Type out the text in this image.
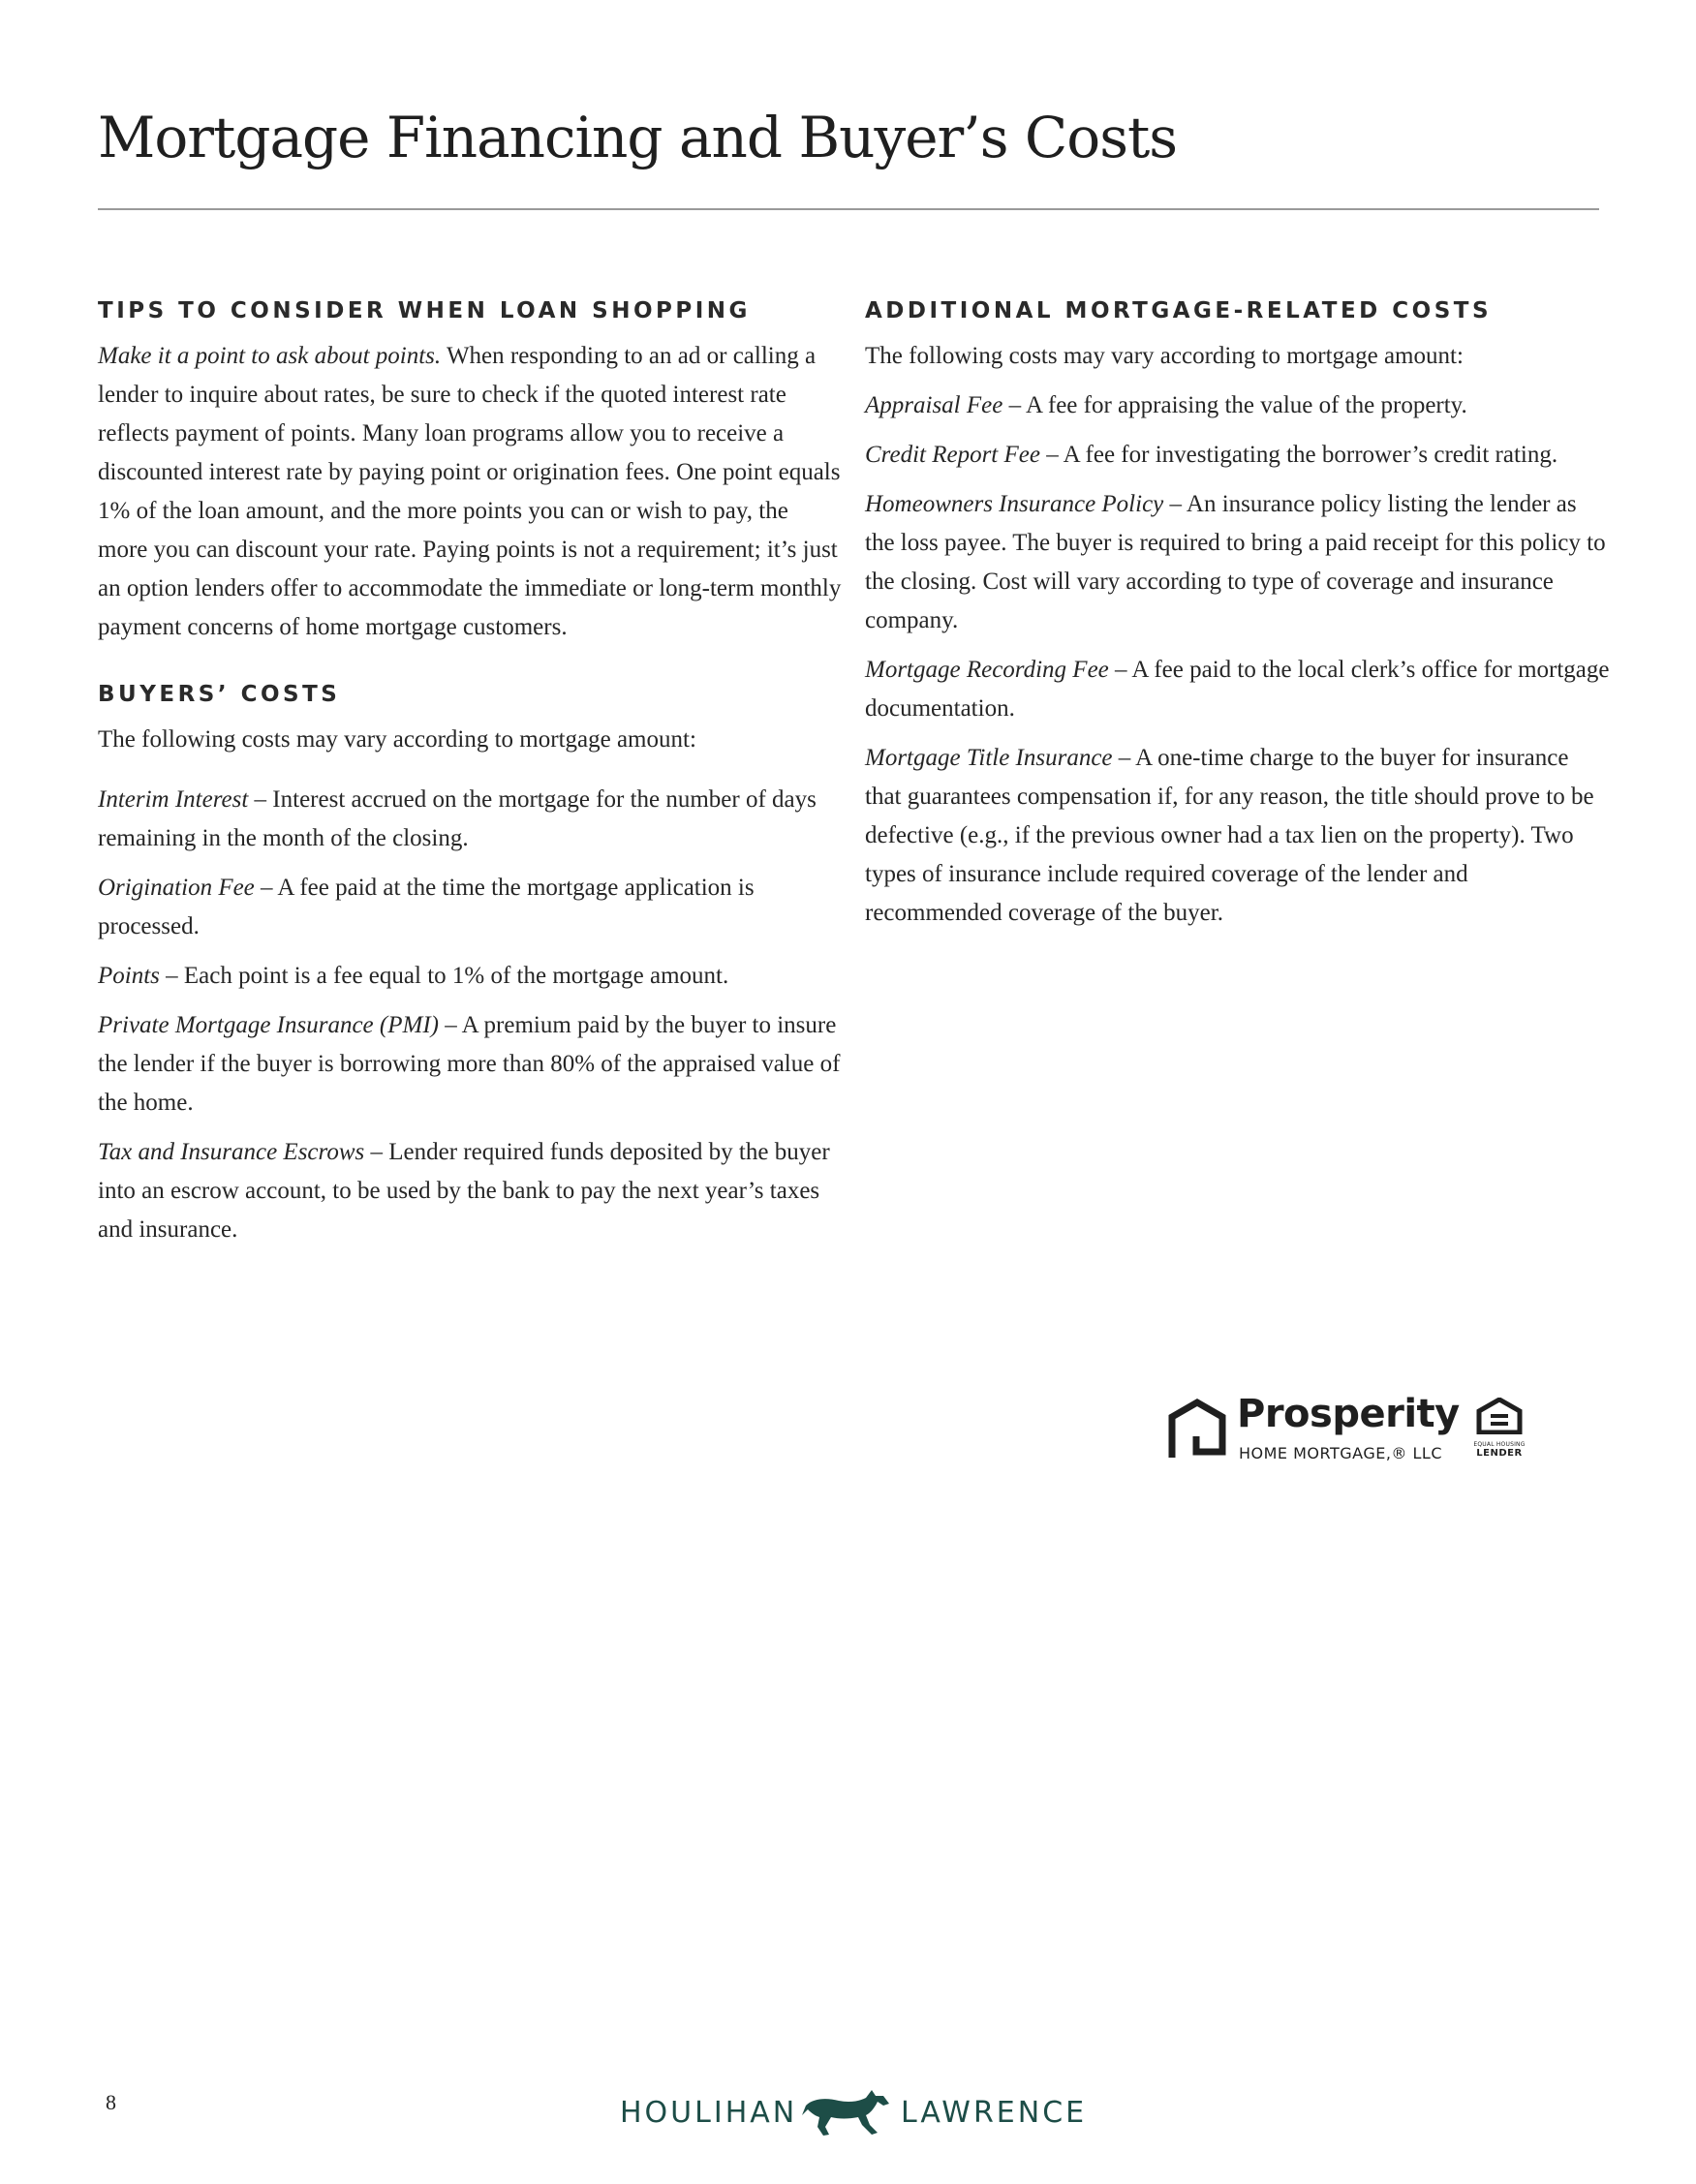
Mortgage Financing and Buyer’s Costs
TIPS TO CONSIDER WHEN LOAN SHOPPING

Make it a point to ask about points. When responding to an ad or calling a lender to inquire about rates, be sure to check if the quoted interest rate reflects payment of points. Many loan programs allow you to receive a discounted interest rate by paying point or origination fees. One point equals 1% of the loan amount, and the more points you can or wish to pay, the more you can discount your rate. Paying points is not a requirement; it’s just an option lenders offer to accommodate the immediate or long-term monthly payment concerns of home mortgage customers.

BUYERS’ COSTS

The following costs may vary according to mortgage amount:

Interim Interest – Interest accrued on the mortgage for the number of days remaining in the month of the closing.

Origination Fee – A fee paid at the time the mortgage application is processed.

Points – Each point is a fee equal to 1% of the mortgage amount.

Private Mortgage Insurance (PMI) – A premium paid by the buyer to insure the lender if the buyer is borrowing more than 80% of the appraised value of the home.

Tax and Insurance Escrows – Lender required funds deposited by the buyer into an escrow account, to be used by the bank to pay the next year’s taxes and insurance.

ADDITIONAL MORTGAGE-RELATED COSTS

The following costs may vary according to mortgage amount:

Appraisal Fee – A fee for appraising the value of the property.

Credit Report Fee – A fee for investigating the borrower’s credit rating.

Homeowners Insurance Policy – An insurance policy listing the lender as the loss payee. The buyer is required to bring a paid receipt for this policy to the closing. Cost will vary according to type of coverage and insurance company.

Mortgage Recording Fee – A fee paid to the local clerk’s office for mortgage documentation.

Mortgage Title Insurance – A one-time charge to the buyer for insurance that guarantees compensation if, for any reason, the title should prove to be defective (e.g., if the previous owner had a tax lien on the property). Two types of insurance include required coverage of the lender and recommended coverage of the buyer.

Prosperity
HOME MORTGAGE,® LLC	EQUAL HOUSING
LENDER
8	HOULIHAN	LAWRENCE
